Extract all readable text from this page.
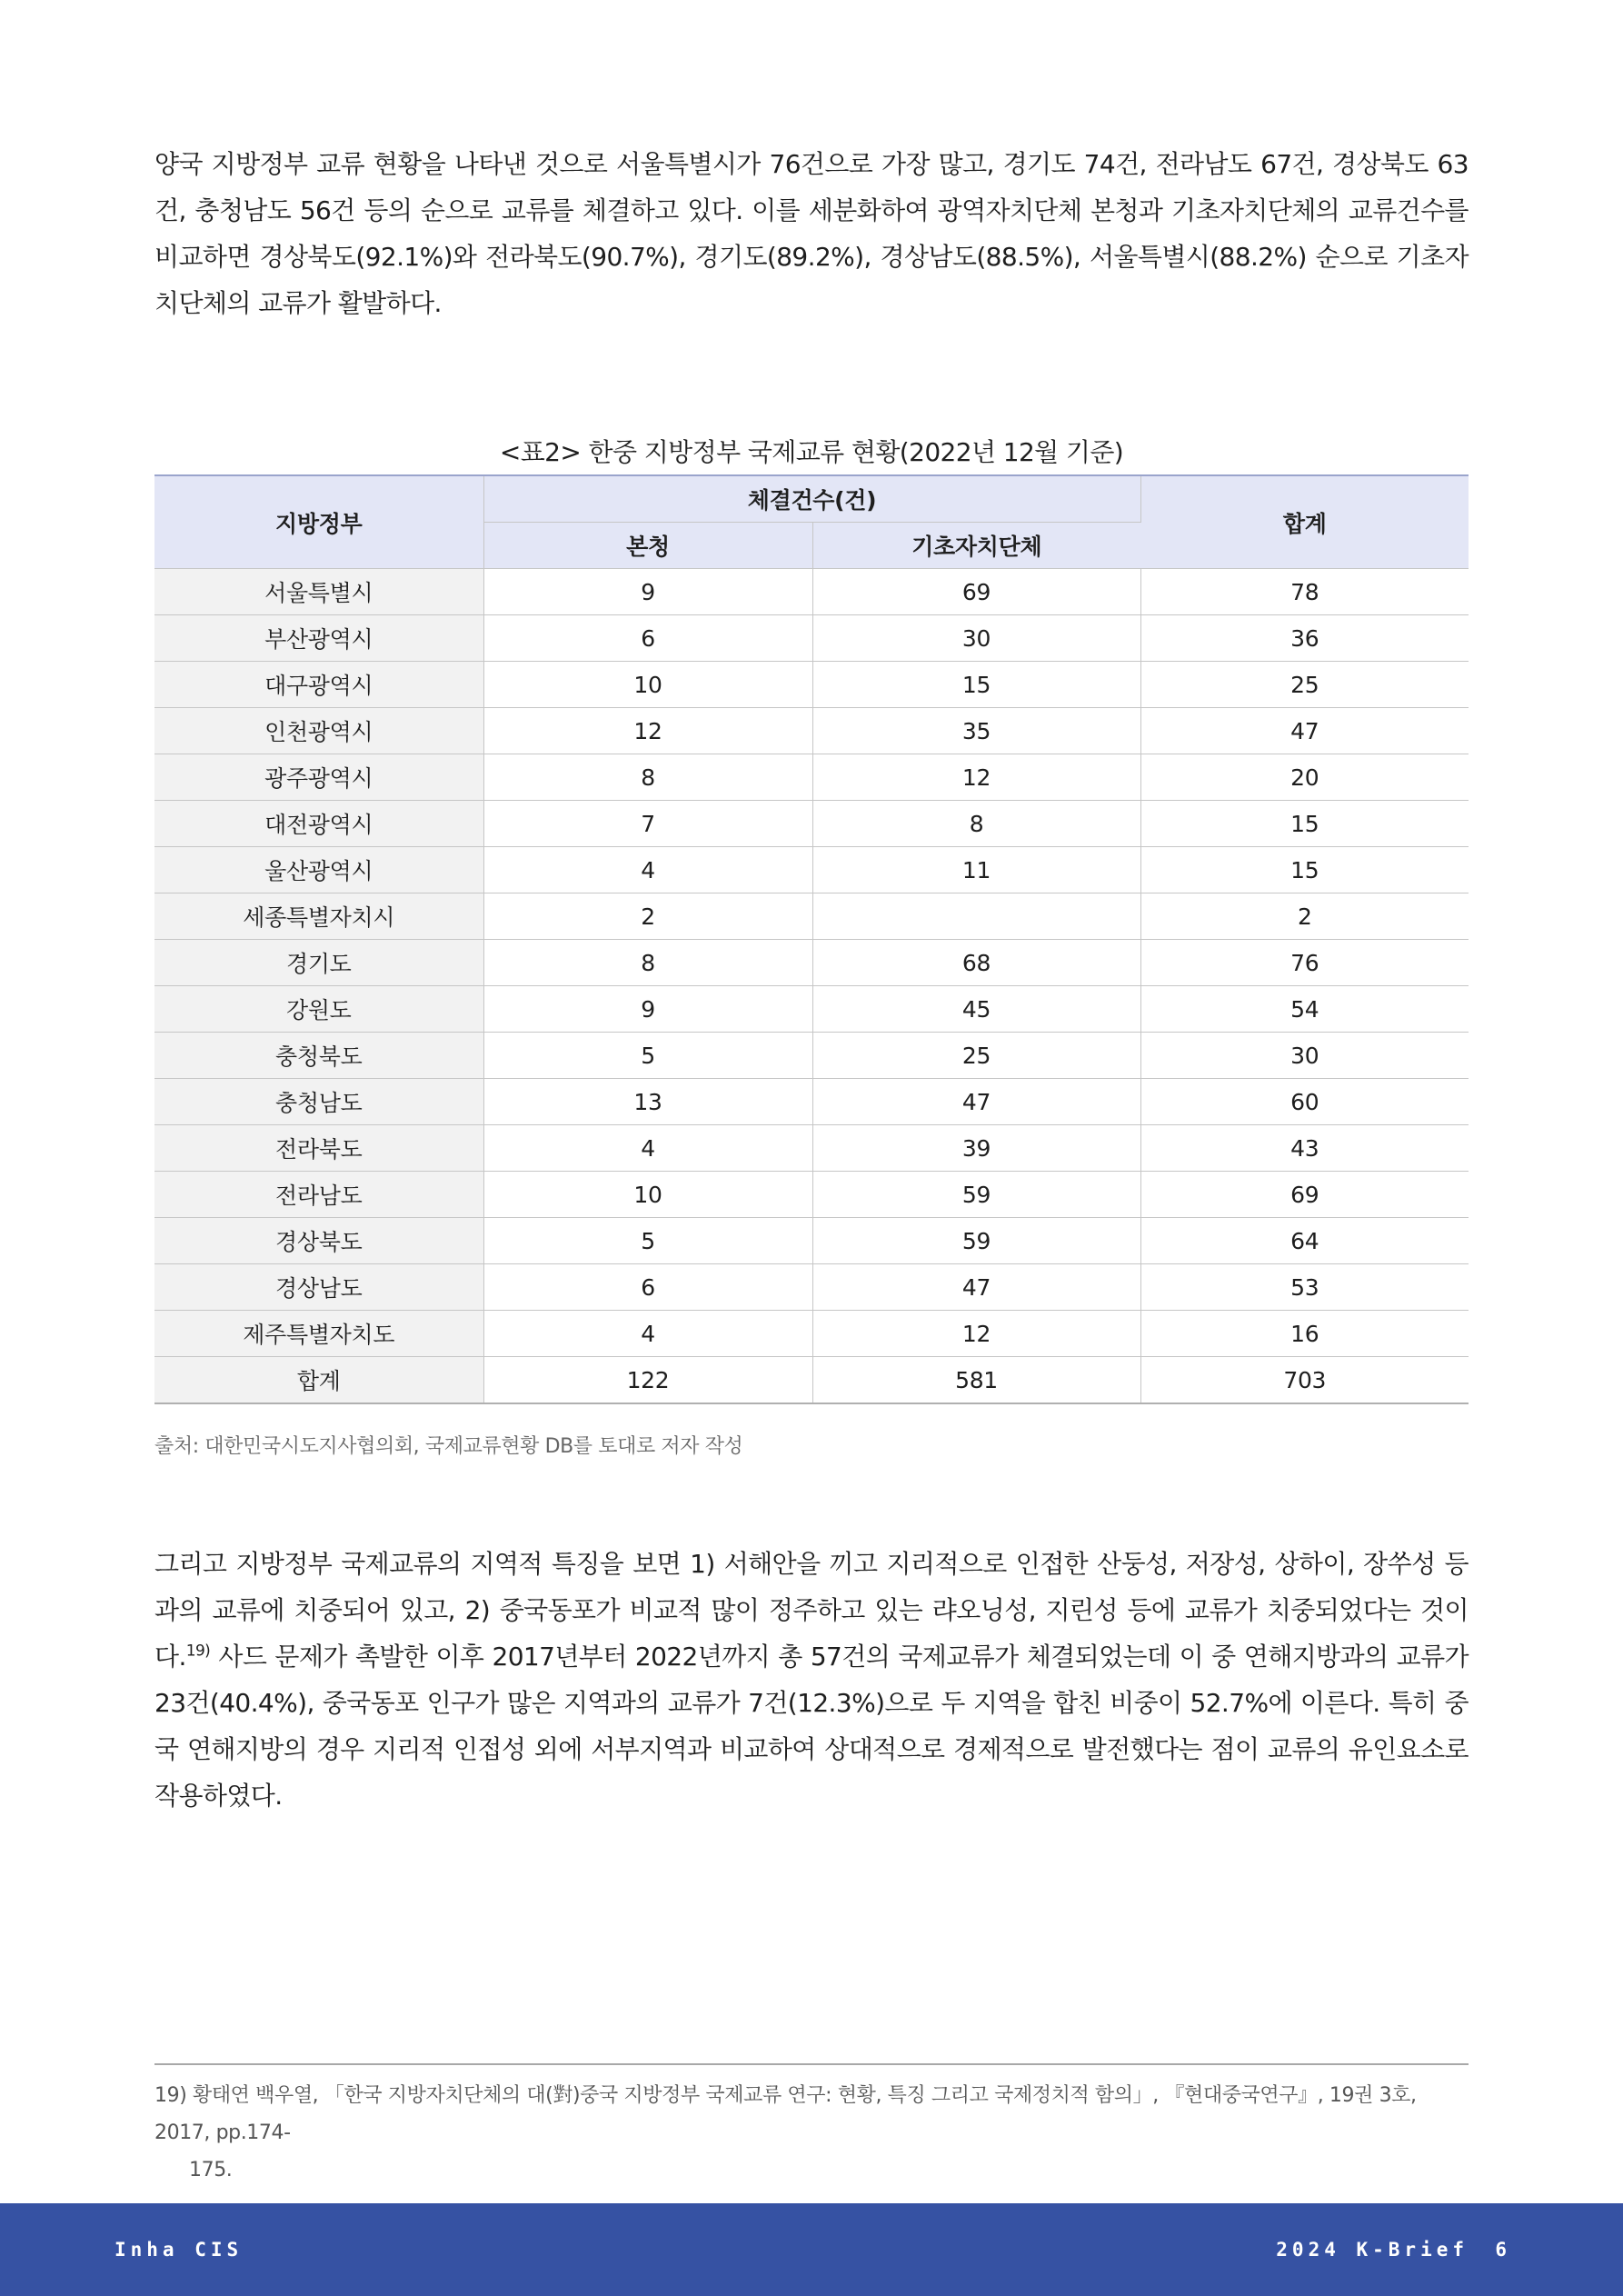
양국 지방정부 교류 현황을 나타낸 것으로 서울특별시가 76건으로 가장 많고, 경기도 74건, 전라남도 67건, 경상북도 63건, 충청남도 56건 등의 순으로 교류를 체결하고 있다. 이를 세분화하여 광역자치단체 본청과 기초자치단체의 교류건수를 비교하면 경상북도(92.1%)와 전라북도(90.7%), 경기도(89.2%), 경상남도(88.5%), 서울특별시(88.2%) 순으로 기초자치단체의 교류가 활발하다.

<표2> 한중 지방정부 국제교류 현황(2022년 12월 기준)
지방정부	체결건수(건)		합계
	본청	기초자치단체	
서울특별시	9	69	78
부산광역시	6	30	36
대구광역시	10	15	25
인천광역시	12	35	47
광주광역시	8	12	20
대전광역시	7	8	15
울산광역시	4	11	15
세종특별자치시	2		2
경기도	8	68	76
강원도	9	45	54
충청북도	5	25	30
충청남도	13	47	60
전라북도	4	39	43
전라남도	10	59	69
경상북도	5	59	64
경상남도	6	47	53
제주특별자치도	4	12	16
합계	122	581	703
출처: 대한민국시도지사협의회, 국제교류현황 DB를 토대로 저자 작성

그리고 지방정부 국제교류의 지역적 특징을 보면 1) 서해안을 끼고 지리적으로 인접한 산둥성, 저장성, 상하이, 장쑤성 등과의 교류에 치중되어 있고, 2) 중국동포가 비교적 많이 정주하고 있는 랴오닝성, 지린성 등에 교류가 치중되었다는 것이다.$^{19)}$ 사드 문제가 촉발한 이후 2017년부터 2022년까지 총 57건의 국제교류가 체결되었는데 이 중 연해지방과의 교류가 23건(40.4%), 중국동포 인구가 많은 지역과의 교류가 7건(12.3%)으로 두 지역을 합친 비중이 52.7%에 이른다. 특히 중국 연해지방의 경우 지리적 인접성 외에 서부지역과 비교하여 상대적으로 경제적으로 발전했다는 점이 교류의 유인요소로 작용하였다.

19) 황태연 백우열, 「한국 지방자치단체의 대(對)중국 지방정부 국제교류 연구: 현황, 특징 그리고 국제정치적 함의」, 『현대중국연구』, 19권 3호, 2017, pp.174-
175.
Inha CIS	2024 K-Brief 6
